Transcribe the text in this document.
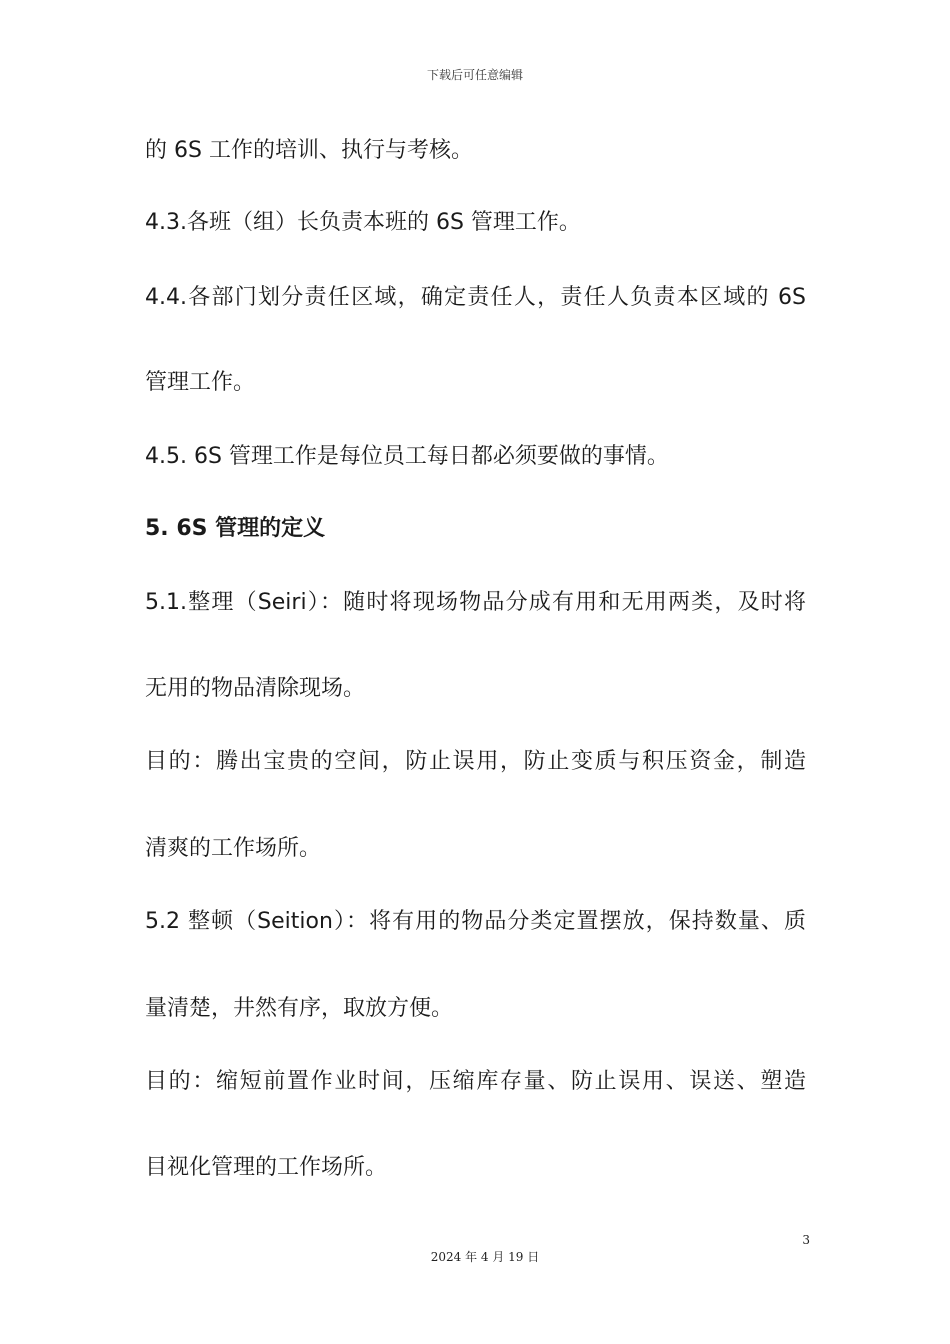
下载后可任意编辑
的 6S 工作的培训、执行与考核。
4.3.各班（组）长负责本班的 6S 管理工作。
4.4.各部门划分责任区域，确定责任人，责任人负责本区域的 6S
管理工作。
4.5. 6S 管理工作是每位员工每日都必须要做的事情。
5. 6S 管理的定义
5.1.整理（Seiri）：随时将现场物品分成有用和无用两类，及时将
无用的物品清除现场。
目的：腾出宝贵的空间，防止误用，防止变质与积压资金，制造
清爽的工作场所。
5.2 整顿（Seition）：将有用的物品分类定置摆放，保持数量、质
量清楚，井然有序，取放方便。
目的：缩短前置作业时间，压缩库存量、防止误用、误送、塑造
目视化管理的工作场所。
3
2024 年 4 月 19 日
